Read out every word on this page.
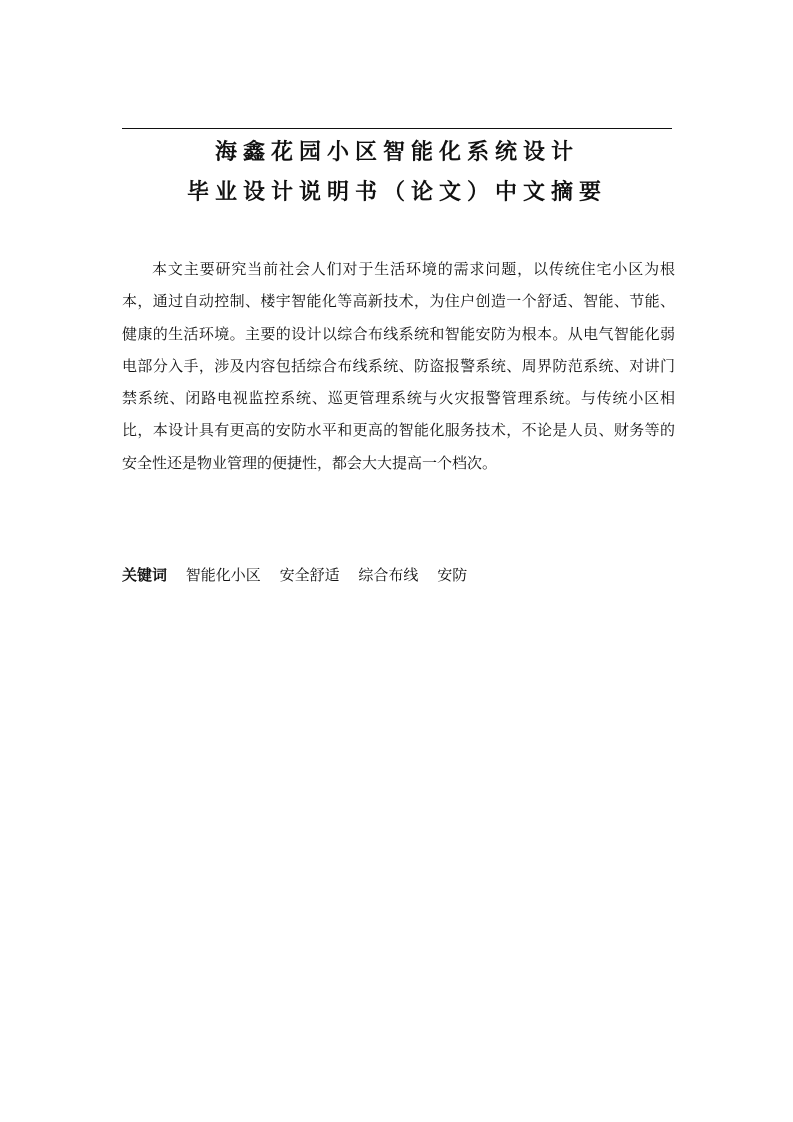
海鑫花园小区智能化系统设计
毕业设计说明书（论文）中文摘要

本文主要研究当前社会人们对于生活环境的需求问题，以传统住宅小区为根本，通过自动控制、楼宇智能化等高新技术，为住户创造一个舒适、智能、节能、健康的生活环境。主要的设计以综合布线系统和智能安防为根本。从电气智能化弱电部分入手，涉及内容包括综合布线系统、防盗报警系统、周界防范系统、对讲门禁系统、闭路电视监控系统、巡更管理系统与火灾报警管理系统。与传统小区相比，本设计具有更高的安防水平和更高的智能化服务技术，不论是人员、财务等的安全性还是物业管理的便捷性，都会大大提高一个档次。

关键词 智能化小区 安全舒适 综合布线 安防
